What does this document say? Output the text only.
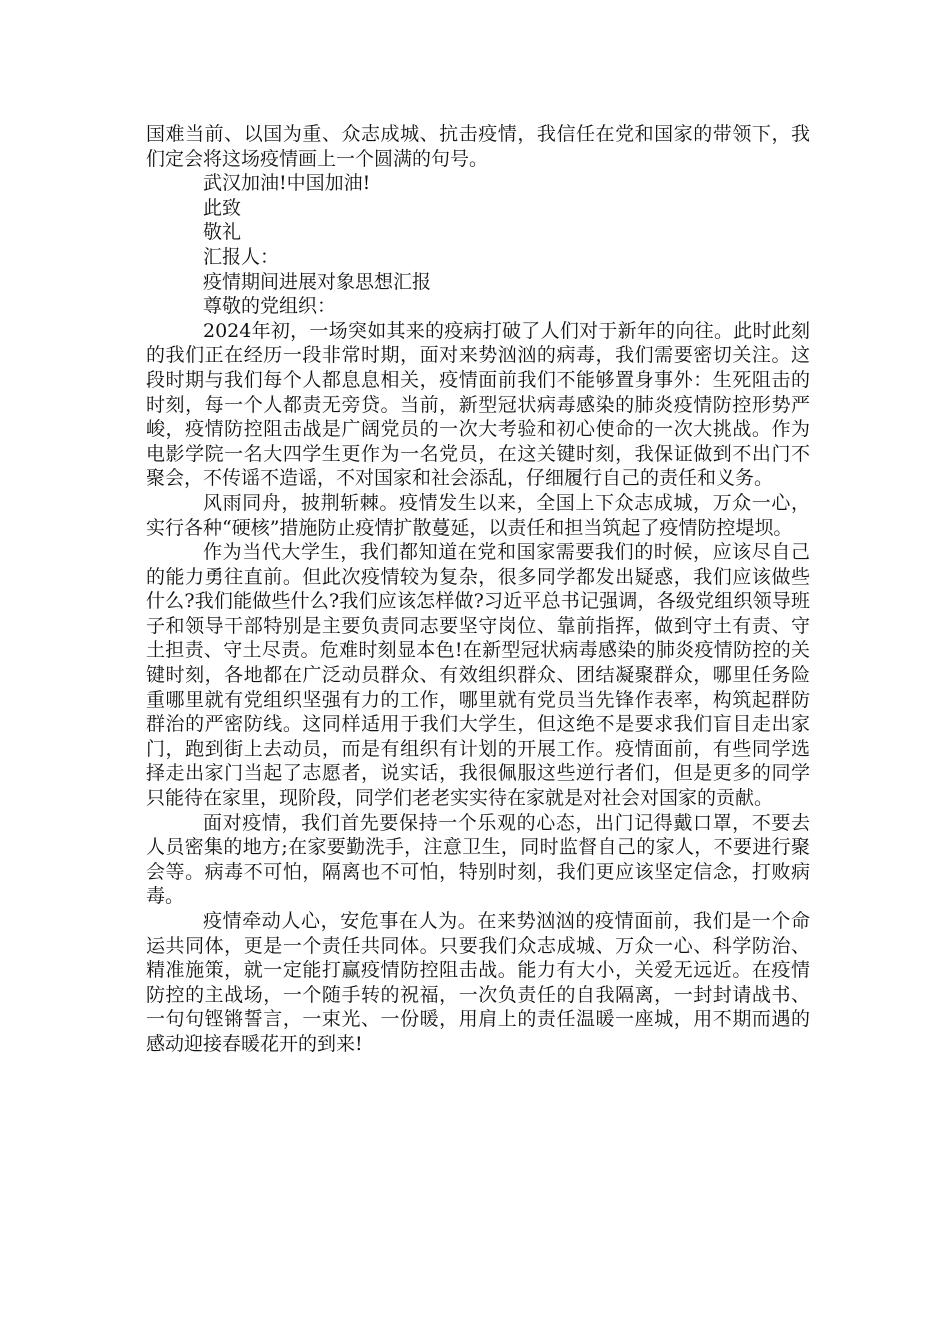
国难当前、以国为重、众志成城、抗击疫情，我信任在党和国家的带领下，我们定会将这场疫情画上一个圆满的句号。

武汉加油!中国加油!

此致

敬礼

汇报人：

疫情期间进展对象思想汇报

尊敬的党组织：

2024年初，一场突如其来的疫病打破了人们对于新年的向往。此时此刻的我们正在经历一段非常时期，面对来势汹汹的病毒，我们需要密切关注。这段时期与我们每个人都息息相关，疫情面前我们不能够置身事外：生死阻击的时刻，每一个人都责无旁贷。当前，新型冠状病毒感染的肺炎疫情防控形势严峻，疫情防控阻击战是广阔党员的一次大考验和初心使命的一次大挑战。作为电影学院一名大四学生更作为一名党员，在这关键时刻，我保证做到不出门不聚会，不传谣不造谣，不对国家和社会添乱，仔细履行自己的责任和义务。

风雨同舟，披荆斩棘。疫情发生以来，全国上下众志成城，万众一心，实行各种“硬核”措施防止疫情扩散蔓延，以责任和担当筑起了疫情防控堤坝。

作为当代大学生，我们都知道在党和国家需要我们的时候，应该尽自己的能力勇往直前。但此次疫情较为复杂，很多同学都发出疑惑，我们应该做些什么?我们能做些什么?我们应该怎样做?习近平总书记强调，各级党组织领导班子和领导干部特别是主要负责同志要坚守岗位、靠前指挥，做到守土有责、守土担责、守土尽责。危难时刻显本色!在新型冠状病毒感染的肺炎疫情防控的关键时刻，各地都在广泛动员群众、有效组织群众、团结凝聚群众，哪里任务险重哪里就有党组织坚强有力的工作，哪里就有党员当先锋作表率，构筑起群防群治的严密防线。这同样适用于我们大学生，但这绝不是要求我们盲目走出家门，跑到街上去动员，而是有组织有计划的开展工作。疫情面前，有些同学选择走出家门当起了志愿者，说实话，我很佩服这些逆行者们，但是更多的同学只能待在家里，现阶段，同学们老老实实待在家就是对社会对国家的贡献。

面对疫情，我们首先要保持一个乐观的心态，出门记得戴口罩，不要去人员密集的地方;在家要勤洗手，注意卫生，同时监督自己的家人，不要进行聚会等。病毒不可怕，隔离也不可怕，特别时刻，我们更应该坚定信念，打败病毒。

疫情牵动人心，安危事在人为。在来势汹汹的疫情面前，我们是一个命运共同体，更是一个责任共同体。只要我们众志成城、万众一心、科学防治、精准施策，就一定能打赢疫情防控阻击战。能力有大小，关爱无远近。在疫情防控的主战场，一个随手转的祝福，一次负责任的自我隔离，一封封请战书、一句句铿锵誓言，一束光、一份暖，用肩上的责任温暖一座城，用不期而遇的感动迎接春暖花开的到来!
